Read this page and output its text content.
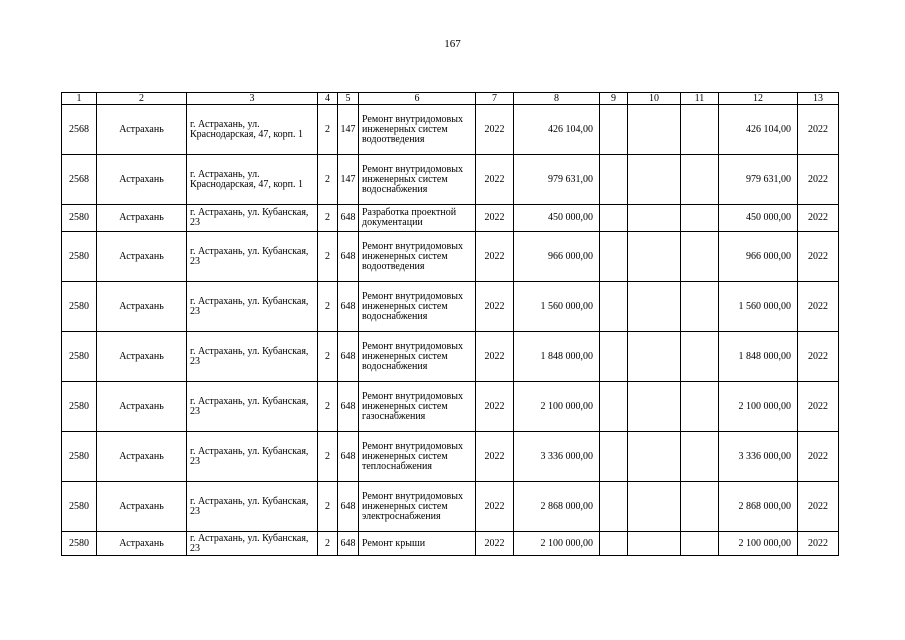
167
1	2	3	4	5	6	7	8	9	10	11	12	13
2568	Астрахань	г. Астрахань, ул. Краснодарская, 47, корп. 1	2	147	Ремонт внутридомовых инженерных систем водоотведения	2022	426 104,00				426 104,00	2022
2568	Астрахань	г. Астрахань, ул. Краснодарская, 47, корп. 1	2	147	Ремонт внутридомовых инженерных систем водоснабжения	2022	979 631,00				979 631,00	2022
2580	Астрахань	г. Астрахань, ул. Кубанская, 23	2	648	Разработка проектной документации	2022	450 000,00				450 000,00	2022
2580	Астрахань	г. Астрахань, ул. Кубанская, 23	2	648	Ремонт внутридомовых инженерных систем водоотведения	2022	966 000,00				966 000,00	2022
2580	Астрахань	г. Астрахань, ул. Кубанская, 23	2	648	Ремонт внутридомовых инженерных систем водоснабжения	2022	1 560 000,00				1 560 000,00	2022
2580	Астрахань	г. Астрахань, ул. Кубанская, 23	2	648	Ремонт внутридомовых инженерных систем водоснабжения	2022	1 848 000,00				1 848 000,00	2022
2580	Астрахань	г. Астрахань, ул. Кубанская, 23	2	648	Ремонт внутридомовых инженерных систем газоснабжения	2022	2 100 000,00				2 100 000,00	2022
2580	Астрахань	г. Астрахань, ул. Кубанская, 23	2	648	Ремонт внутридомовых инженерных систем теплоснабжения	2022	3 336 000,00				3 336 000,00	2022
2580	Астрахань	г. Астрахань, ул. Кубанская, 23	2	648	Ремонт внутридомовых инженерных систем электроснабжения	2022	2 868 000,00				2 868 000,00	2022
2580	Астрахань	г. Астрахань, ул. Кубанская, 23	2	648	Ремонт крыши	2022	2 100 000,00				2 100 000,00	2022
